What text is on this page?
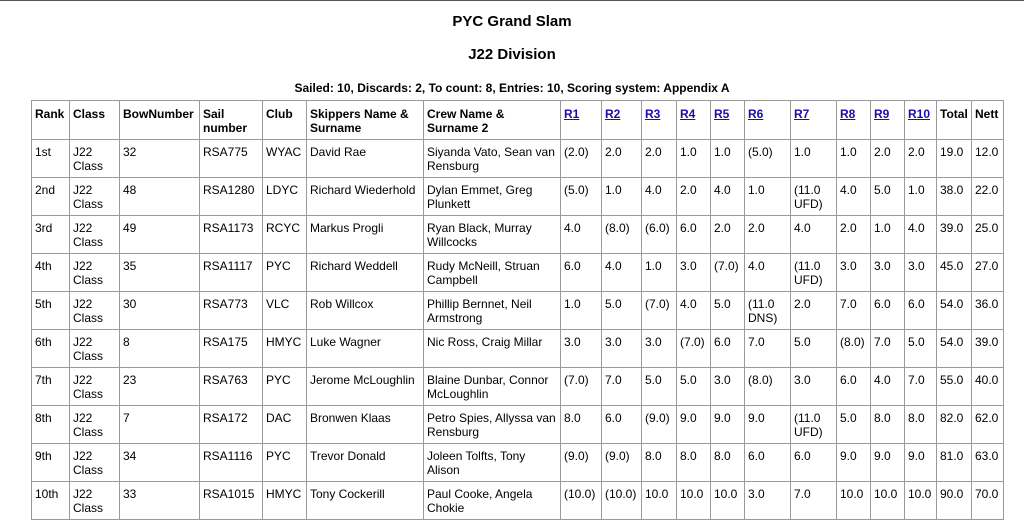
PYC Grand Slam
J22 Division
Sailed: 10, Discards: 2, To count: 8, Entries: 10, Scoring system: Appendix A
Rank	Class	BowNumber	Sail number	Club	Skippers Name & Surname	Crew Name & Surname 2	R1	R2	R3	R4	R5	R6	R7	R8	R9	R10	Total	Nett
1st	J22 Class	32	RSA775	WYAC	David Rae	Siyanda Vato, Sean van Rensburg	(2.0)	2.0	2.0	1.0	1.0	(5.0)	1.0	1.0	2.0	2.0	19.0	12.0
2nd	J22 Class	48	RSA1280	LDYC	Richard Wiederhold	Dylan Emmet, Greg Plunkett	(5.0)	1.0	4.0	2.0	4.0	1.0	(11.0 UFD)	4.0	5.0	1.0	38.0	22.0
3rd	J22 Class	49	RSA1173	RCYC	Markus Progli	Ryan Black, Murray Willcocks	4.0	(8.0)	(6.0)	6.0	2.0	2.0	4.0	2.0	1.0	4.0	39.0	25.0
4th	J22 Class	35	RSA1117	PYC	Richard Weddell	Rudy McNeill, Struan Campbell	6.0	4.0	1.0	3.0	(7.0)	4.0	(11.0 UFD)	3.0	3.0	3.0	45.0	27.0
5th	J22 Class	30	RSA773	VLC	Rob Willcox	Phillip Bernnet, Neil Armstrong	1.0	5.0	(7.0)	4.0	5.0	(11.0 DNS)	2.0	7.0	6.0	6.0	54.0	36.0
6th	J22 Class	8	RSA175	HMYC	Luke Wagner	Nic Ross, Craig Millar	3.0	3.0	3.0	(7.0)	6.0	7.0	5.0	(8.0)	7.0	5.0	54.0	39.0
7th	J22 Class	23	RSA763	PYC	Jerome McLoughlin	Blaine Dunbar, Connor McLoughlin	(7.0)	7.0	5.0	5.0	3.0	(8.0)	3.0	6.0	4.0	7.0	55.0	40.0
8th	J22 Class	7	RSA172	DAC	Bronwen Klaas	Petro Spies, Allyssa van Rensburg	8.0	6.0	(9.0)	9.0	9.0	9.0	(11.0 UFD)	5.0	8.0	8.0	82.0	62.0
9th	J22 Class	34	RSA1116	PYC	Trevor Donald	Joleen Tolfts, Tony Alison	(9.0)	(9.0)	8.0	8.0	8.0	6.0	6.0	9.0	9.0	9.0	81.0	63.0
10th	J22 Class	33	RSA1015	HMYC	Tony Cockerill	Paul Cooke, Angela Chokie	(10.0)	(10.0)	10.0	10.0	10.0	3.0	7.0	10.0	10.0	10.0	90.0	70.0
